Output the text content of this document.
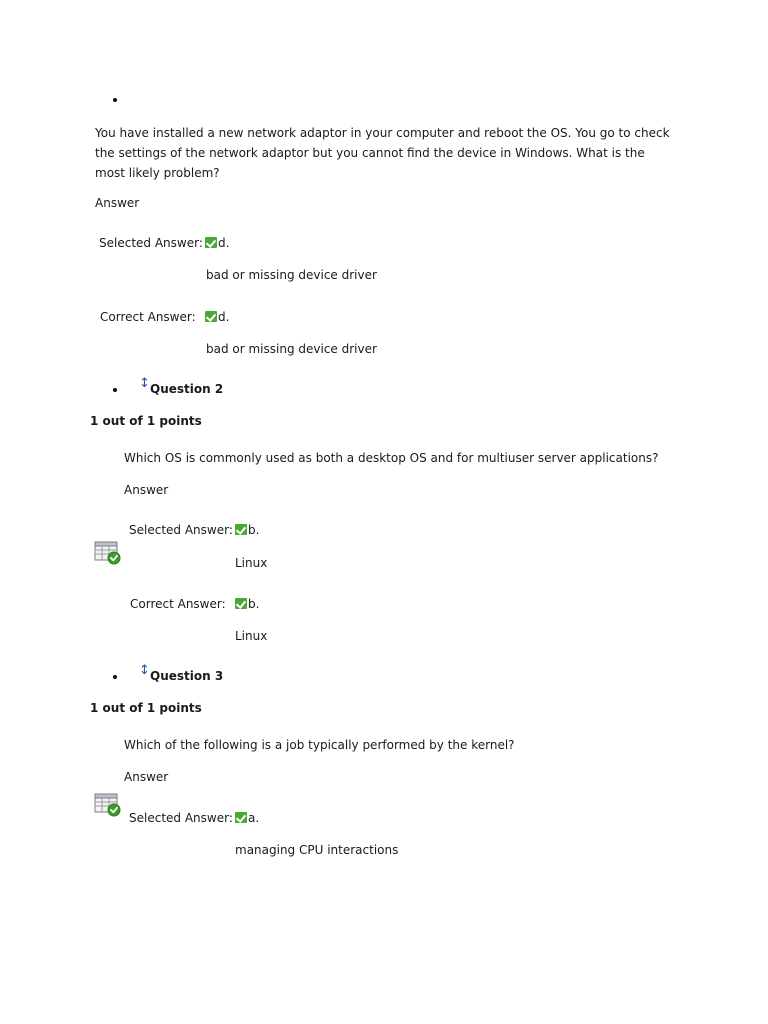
You have installed a new network adaptor in your computer and reboot the OS. You go to check the settings of the network adaptor but you cannot find the device in Windows. What is the most likely problem?
Answer
Selected Answer: d.
bad or missing device driver
Correct Answer: d.
bad or missing device driver
↕ Question 2
1 out of 1 points
Which OS is commonly used as both a desktop OS and for multiuser server applications?
Answer
Selected Answer: b.
Linux
Correct Answer: b.
Linux
↕ Question 3
1 out of 1 points
Which of the following is a job typically performed by the kernel?
Answer
Selected Answer: a.
managing CPU interactions
